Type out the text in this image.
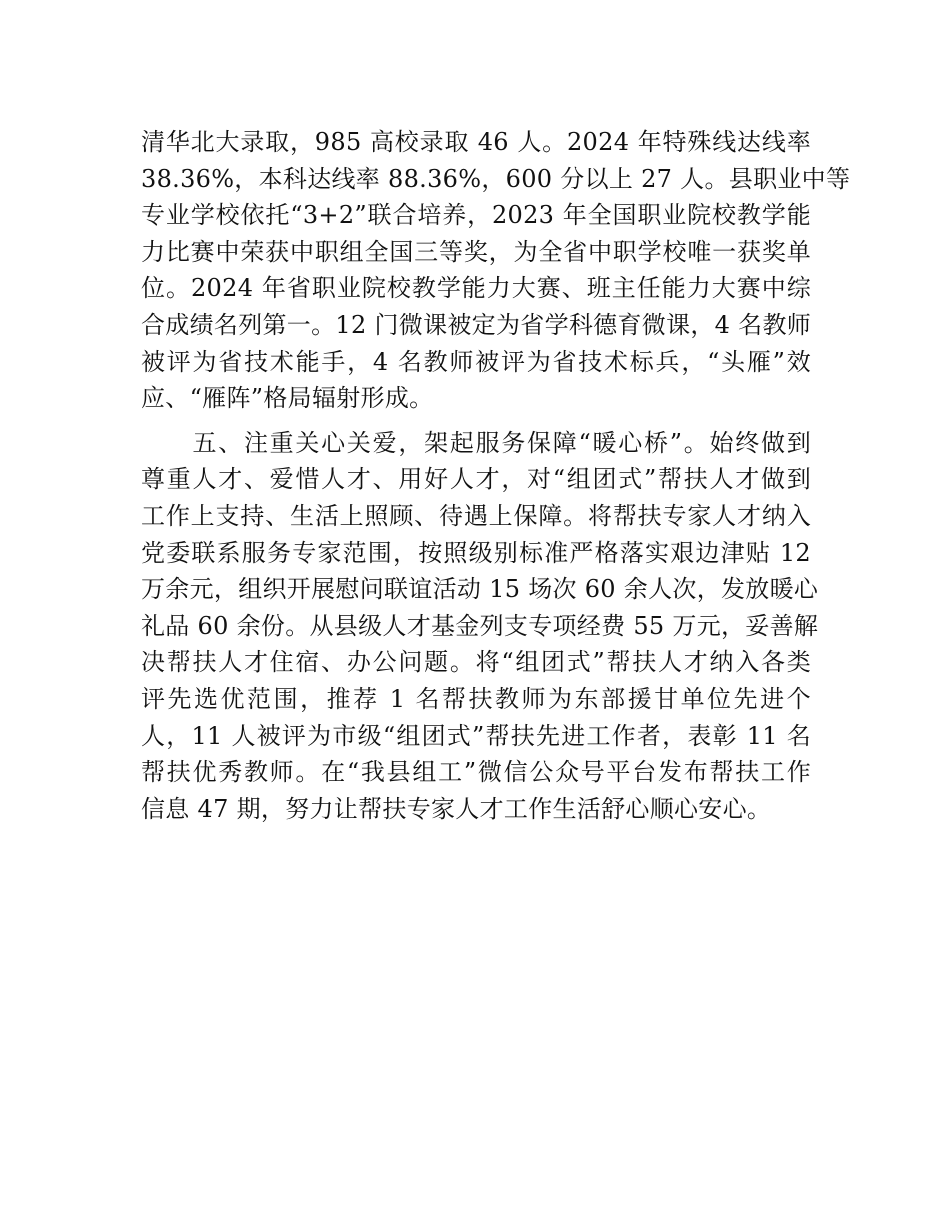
清华北大录取，985 高校录取 46 人。2024 年特殊线达线率
38.36%，本科达线率 88.36%，600 分以上 27 人。县职业中等
专业学校依托“3+2”联合培养，2023 年全国职业院校教学能
力比赛中荣获中职组全国三等奖，为全省中职学校唯一获奖单
位。2024 年省职业院校教学能力大赛、班主任能力大赛中综
合成绩名列第一。12 门微课被定为省学科德育微课，4 名教师
被评为省技术能手，4 名教师被评为省技术标兵，“头雁”效
应、“雁阵”格局辐射形成。
　　五、注重关心关爱，架起服务保障“暖心桥”。始终做到
尊重人才、爱惜人才、用好人才，对“组团式”帮扶人才做到
工作上支持、生活上照顾、待遇上保障。将帮扶专家人才纳入
党委联系服务专家范围，按照级别标准严格落实艰边津贴 12
万余元，组织开展慰问联谊活动 15 场次 60 余人次，发放暖心
礼品 60 余份。从县级人才基金列支专项经费 55 万元，妥善解
决帮扶人才住宿、办公问题。将“组团式”帮扶人才纳入各类
评先选优范围，推荐 1 名帮扶教师为东部援甘单位先进个
人，11 人被评为市级“组团式”帮扶先进工作者，表彰 11 名
帮扶优秀教师。在“我县组工”微信公众号平台发布帮扶工作
信息 47 期，努力让帮扶专家人才工作生活舒心顺心安心。
